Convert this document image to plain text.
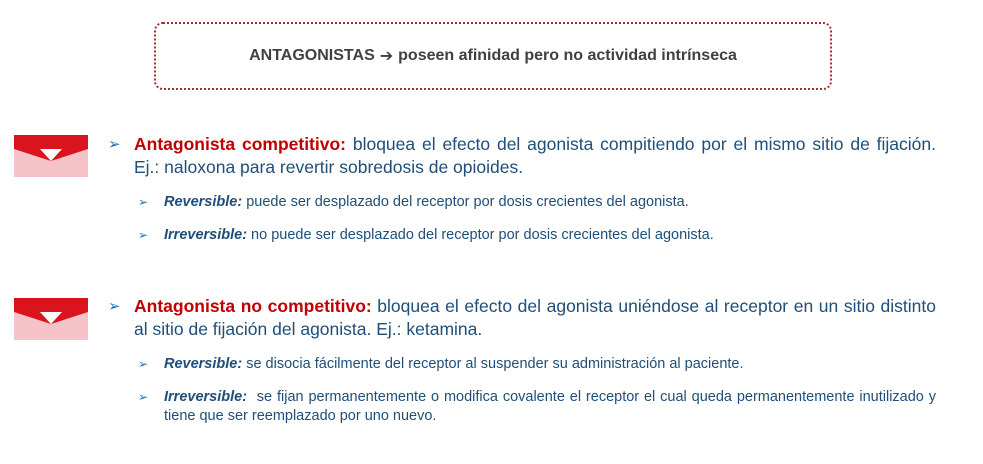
ANTAGONISTAS ➔ poseen afinidad pero no actividad intrínseca
➢ Antagonista competitivo: bloquea el efecto del agonista compitiendo por el mismo sitio de fijación. Ej.: naloxona para revertir sobredosis de opioides.
➢	Reversible: puede ser desplazado del receptor por dosis crecientes del agonista.
➢	Irreversible: no puede ser desplazado del receptor por dosis crecientes del agonista.
➢ Antagonista no competitivo: bloquea el efecto del agonista uniéndose al receptor en un sitio distinto al sitio de fijación del agonista. Ej.: ketamina.
➢	Reversible: se disocia fácilmente del receptor al suspender su administración al paciente.
➢	Irreversible:  se fijan permanentemente o modifica covalente el receptor el cual queda permanentemente inutilizado y tiene que ser reemplazado por uno nuevo.
